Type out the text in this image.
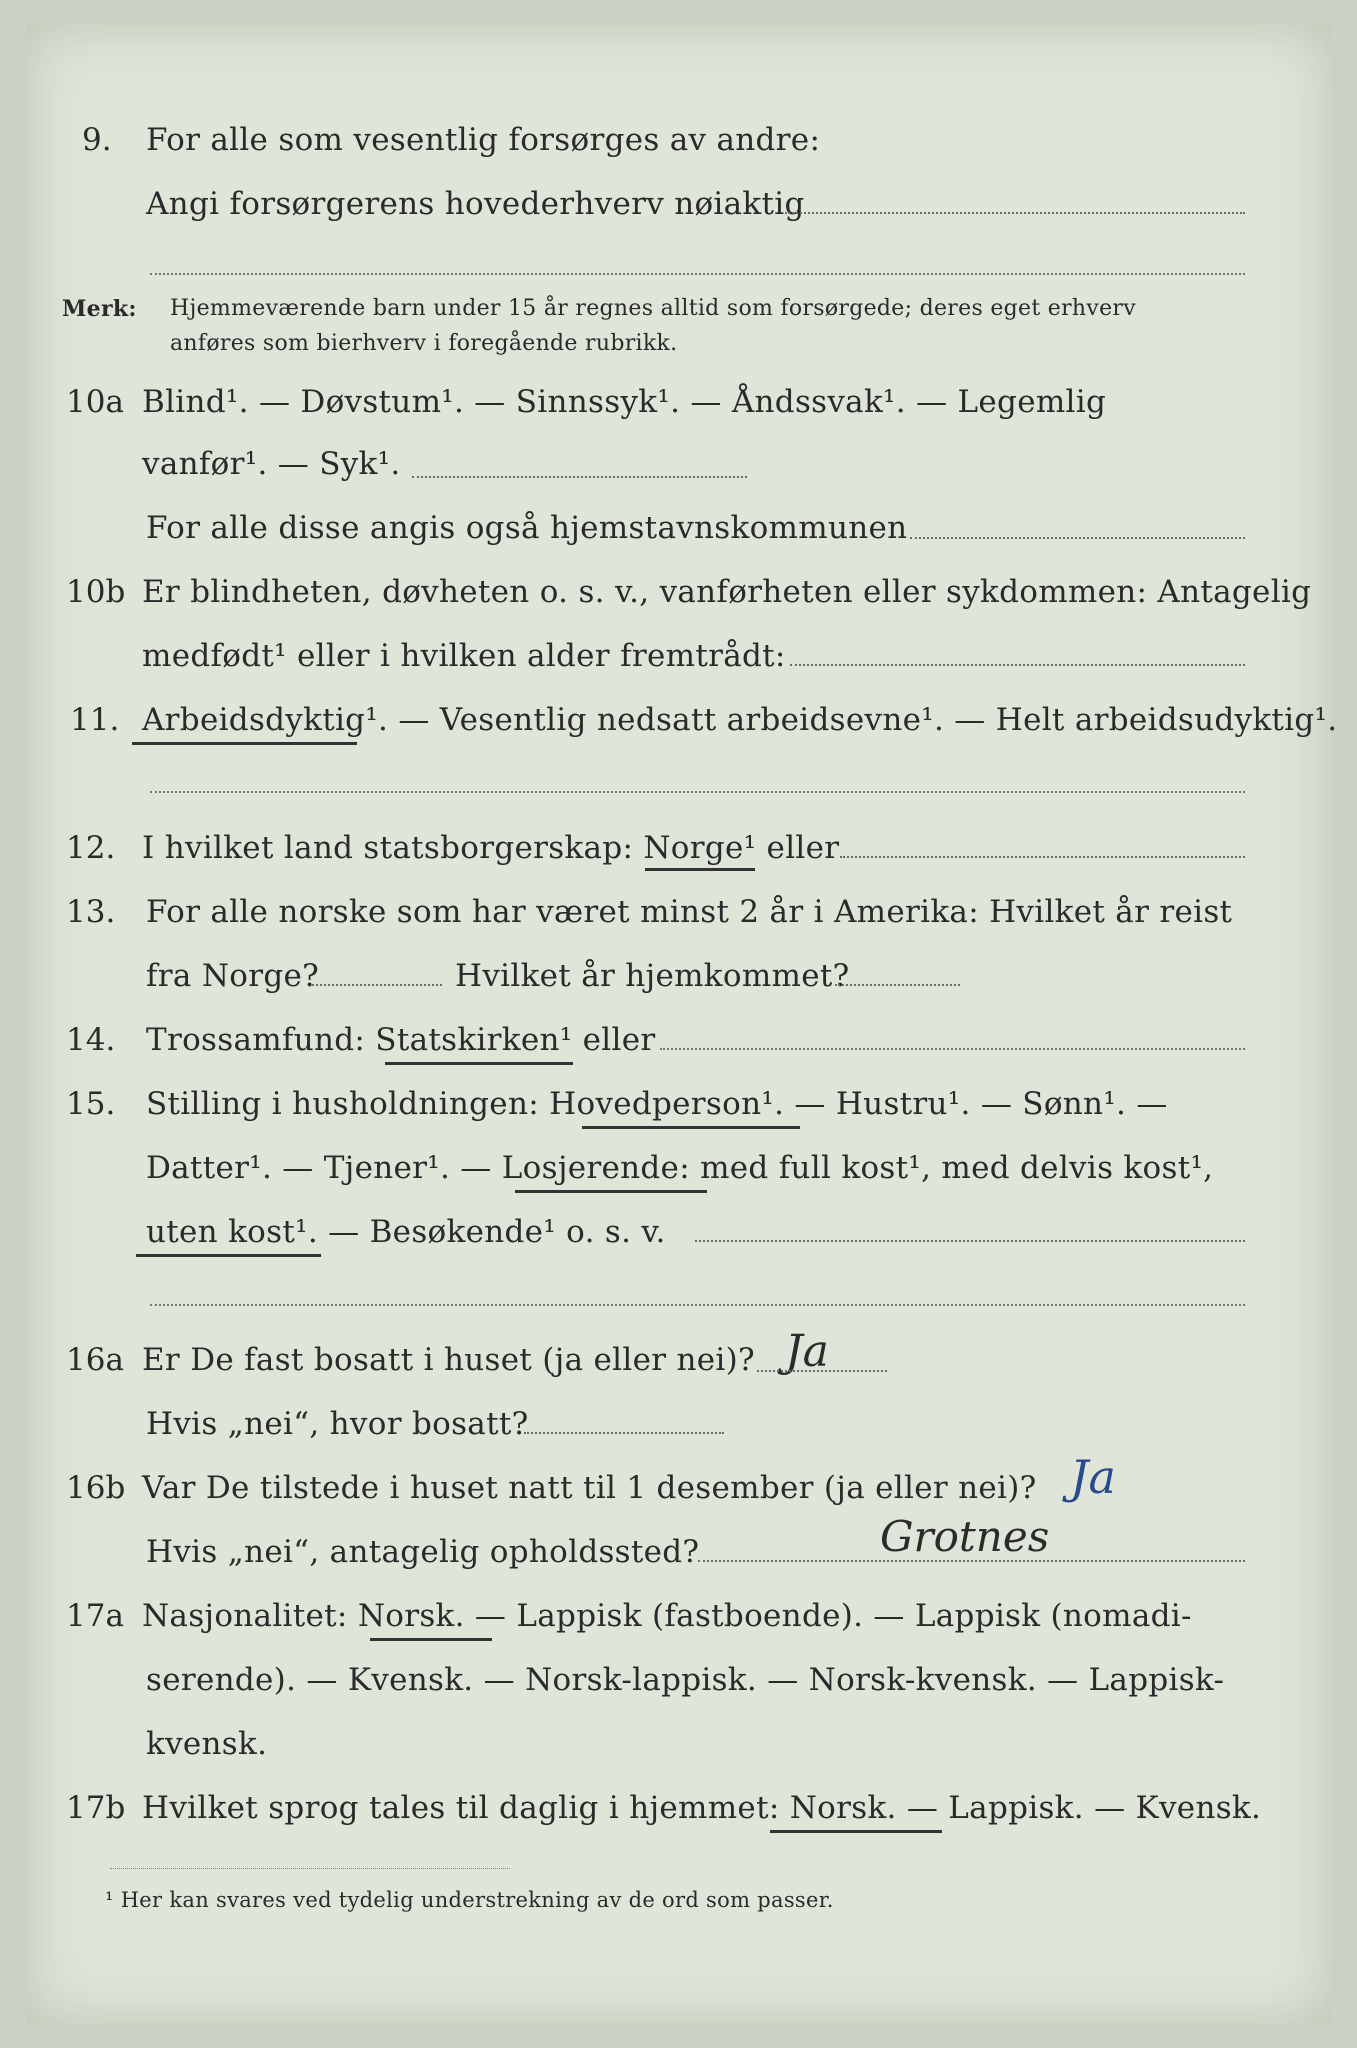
9. For alle som vesentlig forsørges av andre:
Angi forsørgerens hovederhverv nøiaktig
Merk: Hjemmeværende barn under 15 år regnes alltid som forsørgede; deres eget erhverv
anføres som bierhverv i foregående rubrikk.
10a Blind¹. — Døvstum¹. — Sinnssyk¹. — Åndssvak¹. — Legemlig
vanfør¹. — Syk¹.
For alle disse angis også hjemstavnskommunen
10b Er blindheten, døvheten o. s. v., vanførheten eller sykdommen: Antagelig
medfødt¹ eller i hvilken alder fremtrådt:
11. Arbeidsdyktig¹. — Vesentlig nedsatt arbeidsevne¹. — Helt arbeidsudyktig¹.
12. I hvilket land statsborgerskap: Norge¹ eller
13. For alle norske som har været minst 2 år i Amerika: Hvilket år reist
fra Norge?	Hvilket år hjemkommet?
14. Trossamfund: Statskirken¹ eller
15. Stilling i husholdningen: Hovedperson¹. — Hustru¹. — Sønn¹. —
Datter¹. — Tjener¹. — Losjerende: med full kost¹, med delvis kost¹,
uten kost¹. — Besøkende¹ o. s. v.
16a Er De fast bosatt i huset (ja eller nei)? Ja
Hvis „nei“, hvor bosatt?
16b Var De tilstede i huset natt til 1 desember (ja eller nei)? Ja
Hvis „nei“, antagelig opholdssted?	Grotnes
17a Nasjonalitet: Norsk. — Lappisk (fastboende). — Lappisk (nomadi-
serende). — Kvensk. — Norsk-lappisk. — Norsk-kvensk. — Lappisk-
kvensk.
17b Hvilket sprog tales til daglig i hjemmet: Norsk. — Lappisk. — Kvensk.
¹ Her kan svares ved tydelig understrekning av de ord som passer.
